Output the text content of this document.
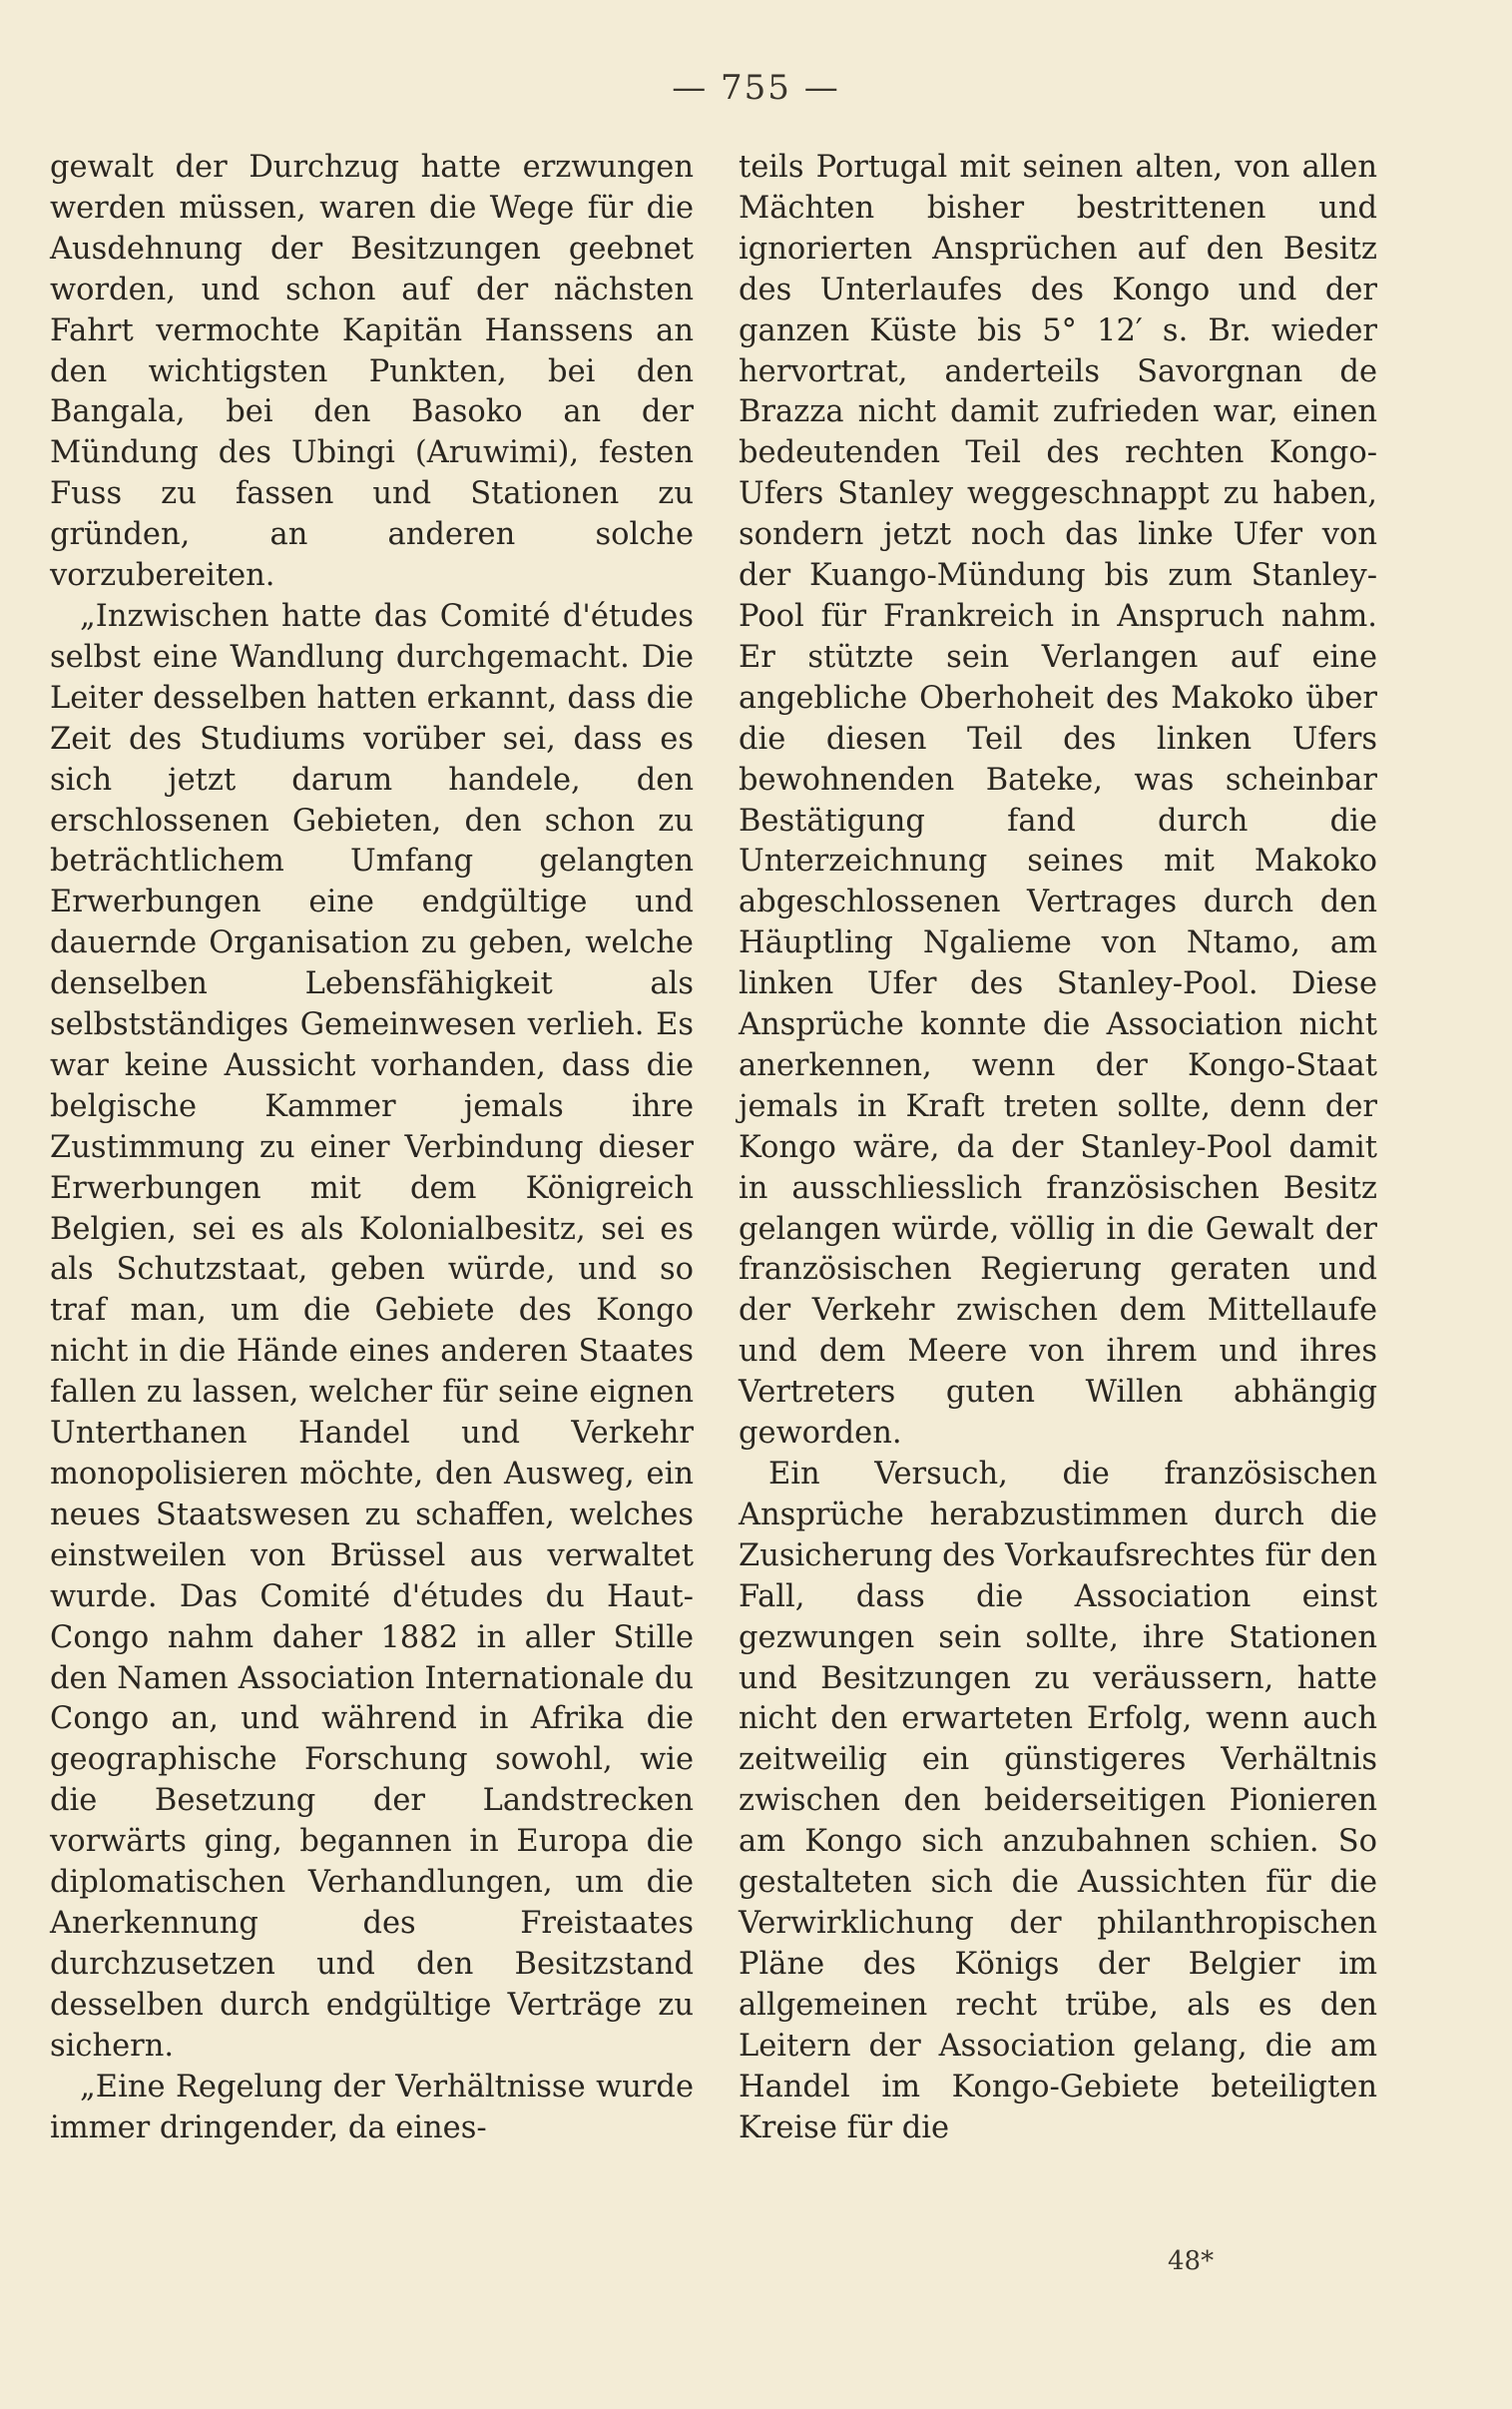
— 755 —

gewalt der Durchzug hatte erzwungen werden müssen, waren die Wege für die Ausdehnung der Besitzungen geebnet worden, und schon auf der nächsten Fahrt vermochte Kapitän Hanssens an den wichtigsten Punkten, bei den Bangala, bei den Basoko an der Mündung des Ubingi (Aruwimi), festen Fuss zu fassen und Stationen zu gründen, an anderen solche vorzubereiten.

„Inzwischen hatte das Comité d'études selbst eine Wandlung durchgemacht. Die Leiter desselben hatten erkannt, dass die Zeit des Studiums vorüber sei, dass es sich jetzt darum handele, den erschlossenen Gebieten, den schon zu beträchtlichem Umfang gelangten Erwerbungen eine endgültige und dauernde Organisation zu geben, welche denselben Lebensfähigkeit als selbstständiges Gemeinwesen verlieh. Es war keine Aussicht vorhanden, dass die belgische Kammer jemals ihre Zustimmung zu einer Verbindung dieser Erwerbungen mit dem Königreich Belgien, sei es als Kolonialbesitz, sei es als Schutzstaat, geben würde, und so traf man, um die Gebiete des Kongo nicht in die Hände eines anderen Staates fallen zu lassen, welcher für seine eignen Unterthanen Handel und Verkehr monopolisieren möchte, den Ausweg, ein neues Staatswesen zu schaffen, welches einstweilen von Brüssel aus verwaltet wurde. Das Comité d'études du Haut-Congo nahm daher 1882 in aller Stille den Namen Association Internationale du Congo an, und während in Afrika die geographische Forschung sowohl, wie die Besetzung der Landstrecken vorwärts ging, begannen in Europa die diplomatischen Verhandlungen, um die Anerkennung des Freistaates durchzusetzen und den Besitzstand desselben durch endgültige Verträge zu sichern.

„Eine Regelung der Verhältnisse wurde immer dringender, da eines-

teils Portugal mit seinen alten, von allen Mächten bisher bestrittenen und ignorierten Ansprüchen auf den Besitz des Unterlaufes des Kongo und der ganzen Küste bis 5° 12′ s. Br. wieder hervortrat, anderteils Savorgnan de Brazza nicht damit zufrieden war, einen bedeutenden Teil des rechten Kongo-Ufers Stanley weggeschnappt zu haben, sondern jetzt noch das linke Ufer von der Kuango-Mündung bis zum Stanley-Pool für Frankreich in Anspruch nahm. Er stützte sein Verlangen auf eine angebliche Oberhoheit des Makoko über die diesen Teil des linken Ufers bewohnenden Bateke, was scheinbar Bestätigung fand durch die Unterzeichnung seines mit Makoko abgeschlossenen Vertrages durch den Häuptling Ngalieme von Ntamo, am linken Ufer des Stanley-Pool. Diese Ansprüche konnte die Association nicht anerkennen, wenn der Kongo-Staat jemals in Kraft treten sollte, denn der Kongo wäre, da der Stanley-Pool damit in ausschliesslich französischen Besitz gelangen würde, völlig in die Gewalt der französischen Regierung geraten und der Verkehr zwischen dem Mittellaufe und dem Meere von ihrem und ihres Vertreters guten Willen abhängig geworden.

Ein Versuch, die französischen Ansprüche herabzustimmen durch die Zusicherung des Vorkaufsrechtes für den Fall, dass die Association einst gezwungen sein sollte, ihre Stationen und Besitzungen zu veräussern, hatte nicht den erwarteten Erfolg, wenn auch zeitweilig ein günstigeres Verhältnis zwischen den beiderseitigen Pionieren am Kongo sich anzubahnen schien. So gestalteten sich die Aussichten für die Verwirklichung der philanthropischen Pläne des Königs der Belgier im allgemeinen recht trübe, als es den Leitern der Association gelang, die am Handel im Kongo-Gebiete beteiligten Kreise für die

48*
